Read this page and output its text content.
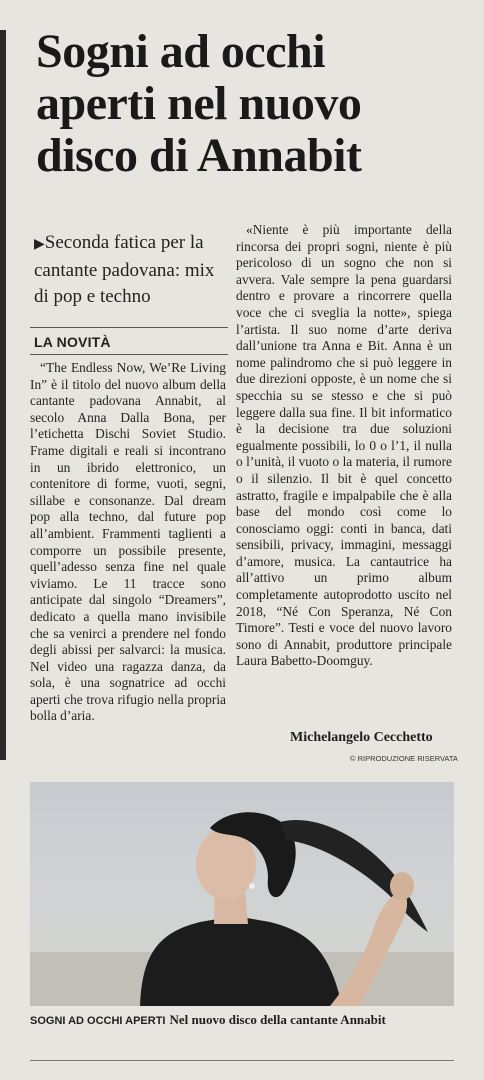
Sogni ad occhi
aperti nel nuovo
disco di Annabit
▶Seconda fatica per la cantante padovana: mix di pop e techno
LA NOVITÀ

“The Endless Now, We’Re Living In” è il titolo del nuovo album della cantante padovana Annabit, al secolo Anna Dalla Bona, per l’etichetta Dischi Soviet Studio. Frame digitali e reali si incontrano in un ibrido elettronico, un contenitore di forme, vuoti, segni, sillabe e consonanze. Dal dream pop alla techno, dal future pop all’ambient. Frammenti taglienti a comporre un possibile presente, quell’adesso senza fine nel quale viviamo. Le 11 tracce sono anticipate dal singolo “Dreamers”, dedicato a quella mano invisibile che sa venirci a prendere nel fondo degli abissi per salvarci: la musica. Nel video una ragazza danza, da sola, è una sognatrice ad occhi aperti che trova rifugio nella propria bolla d’aria.

«Niente è più importante della rincorsa dei propri sogni, niente è più pericoloso di un sogno che non si avvera. Vale sempre la pena guardarsi dentro e provare a rincorrere quella voce che ci sveglia la notte», spiega l’artista. Il suo nome d’arte deriva dall’unione tra Anna e Bit. Anna è un nome palindromo che si può leggere in due direzioni opposte, è un nome che si specchia su se stesso e che si può leggere dalla sua fine. Il bit informatico è la decisione tra due soluzioni egualmente possibili, lo 0 o l’1, il nulla o l’unità, il vuoto o la materia, il rumore o il silenzio. Il bit è quel concetto astratto, fragile e impalpabile che è alla base del mondo così come lo conosciamo oggi: conti in banca, dati sensibili, privacy, immagini, messaggi d’amore, musica. La cantautrice ha all’attivo un primo album completamente autoprodotto uscito nel 2018, “Né Con Speranza, Né Con Timore”. Testi e voce del nuovo lavoro sono di Annabit, produttore principale Laura Babetto-Doomguy.

Michelangelo Cecchetto
© RIPRODUZIONE RISERVATA
SOGNI AD OCCHI APERTI Nel nuovo disco della cantante Annabit
